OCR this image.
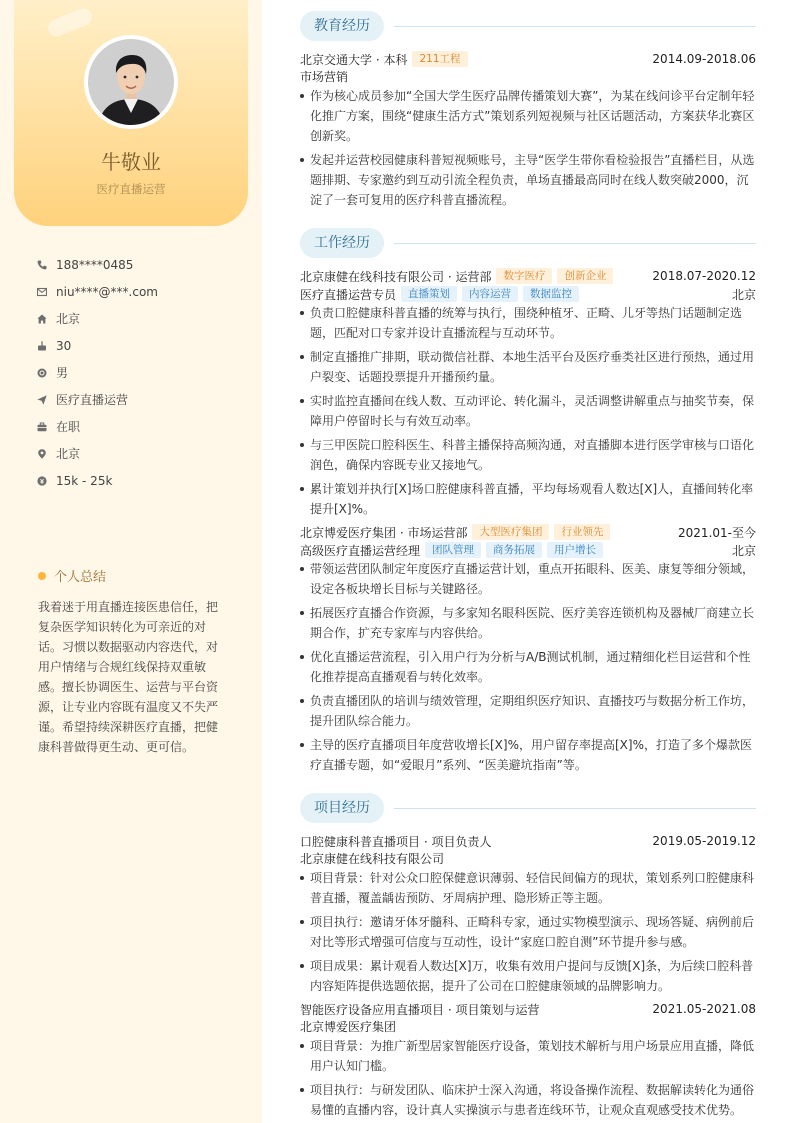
牛敬业
医疗直播运营
188****0485
niu****@***.com
北京
30
男
医疗直播运营
在职
北京
15k - 25k
个人总结
我着迷于用直播连接医患信任，把复杂医学知识转化为可亲近的对话。习惯以数据驱动内容迭代，对用户情绪与合规红线保持双重敏感。擅长协调医生、运营与平台资源，让专业内容既有温度又不失严谨。希望持续深耕医疗直播，把健康科普做得更生动、更可信。
教育经历
北京交通大学 · 本科	211工程	2014.09-2018.06
市场营销
作为核心成员参加“全国大学生医疗品牌传播策划大赛”，为某在线问诊平台定制年轻化推广方案，围绕“健康生活方式”策划系列短视频与社区话题活动，方案获华北赛区创新奖。
发起并运营校园健康科普短视频账号，主导“医学生带你看检验报告”直播栏目，从选题排期、专家邀约到互动引流全程负责，单场直播最高同时在线人数突破2000，沉淀了一套可复用的医疗科普直播流程。
工作经历
北京康健在线科技有限公司 · 运营部	数字医疗	创新企业	2018.07-2020.12
医疗直播运营专员	直播策划	内容运营	数据监控	北京
负责口腔健康科普直播的统筹与执行，围绕种植牙、正畸、儿牙等热门话题制定选题，匹配对口专家并设计直播流程与互动环节。
制定直播推广排期，联动微信社群、本地生活平台及医疗垂类社区进行预热，通过用户裂变、话题投票提升开播预约量。
实时监控直播间在线人数、互动评论、转化漏斗，灵活调整讲解重点与抽奖节奏，保障用户停留时长与有效互动率。
与三甲医院口腔科医生、科普主播保持高频沟通，对直播脚本进行医学审核与口语化润色，确保内容既专业又接地气。
累计策划并执行[X]场口腔健康科普直播，平均每场观看人数达[X]人，直播间转化率提升[X]%。
北京博爱医疗集团 · 市场运营部	大型医疗集团	行业领先	2021.01-至今
高级医疗直播运营经理	团队管理	商务拓展	用户增长	北京
带领运营团队制定年度医疗直播运营计划，重点开拓眼科、医美、康复等细分领域，设定各板块增长目标与关键路径。
拓展医疗直播合作资源，与多家知名眼科医院、医疗美容连锁机构及器械厂商建立长期合作，扩充专家库与内容供给。
优化直播运营流程，引入用户行为分析与A/B测试机制，通过精细化栏目运营和个性化推荐提高直播观看与转化效率。
负责直播团队的培训与绩效管理，定期组织医疗知识、直播技巧与数据分析工作坊，提升团队综合能力。
主导的医疗直播项目年度营收增长[X]%，用户留存率提高[X]%，打造了多个爆款医疗直播专题，如“爱眼月”系列、“医美避坑指南”等。
项目经历
口腔健康科普直播项目 · 项目负责人	2019.05-2019.12
北京康健在线科技有限公司
项目背景：针对公众口腔保健意识薄弱、轻信民间偏方的现状，策划系列口腔健康科普直播，覆盖龋齿预防、牙周病护理、隐形矫正等主题。
项目执行：邀请牙体牙髓科、正畸科专家，通过实物模型演示、现场答疑、病例前后对比等形式增强可信度与互动性，设计“家庭口腔自测”环节提升参与感。
项目成果：累计观看人数达[X]万，收集有效用户提问与反馈[X]条，为后续口腔科普内容矩阵提供选题依据，提升了公司在口腔健康领域的品牌影响力。
智能医疗设备应用直播项目 · 项目策划与运营	2021.05-2021.08
北京博爱医疗集团
项目背景：为推广新型居家智能医疗设备，策划技术解析与用户场景应用直播，降低用户认知门槛。
项目执行：与研发团队、临床护士深入沟通，将设备操作流程、数据解读转化为通俗易懂的直播内容，设计真人实操演示与患者连线环节，让观众直观感受技术优势。
